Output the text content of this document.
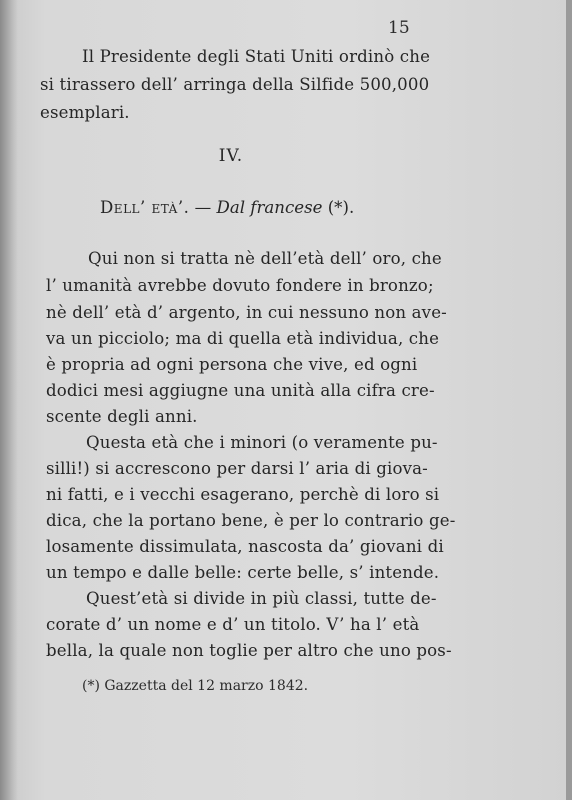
15
Il Presidente degli Stati Uniti ordinò che
si tirassero dell’ arringa della Silfide 500,000
esemplari.
IV.
Dell’ età’. — Dal francese (*).
Qui non si tratta nè dell’età dell’ oro, che
l’ umanità avrebbe dovuto fondere in bronzo;
nè dell’ età d’ argento, in cui nessuno non ave-
va un picciolo; ma di quella età individua, che
è propria ad ogni persona che vive, ed ogni
dodici mesi aggiugne una unità alla cifra cre-
scente degli anni.
Questa età che i minori (o veramente pu-
silli!) si accrescono per darsi l’ aria di giova-
ni fatti, e i vecchi esagerano, perchè di loro si
dica, che la portano bene, è per lo contrario ge-
losamente dissimulata, nascosta da’ giovani di
un tempo e dalle belle: certe belle, s’ intende.
Quest’età si divide in più classi, tutte de-
corate d’ un nome e d’ un titolo. V’ ha l’ età
bella, la quale non toglie per altro che uno pos-
(*) Gazzetta del 12 marzo 1842.
